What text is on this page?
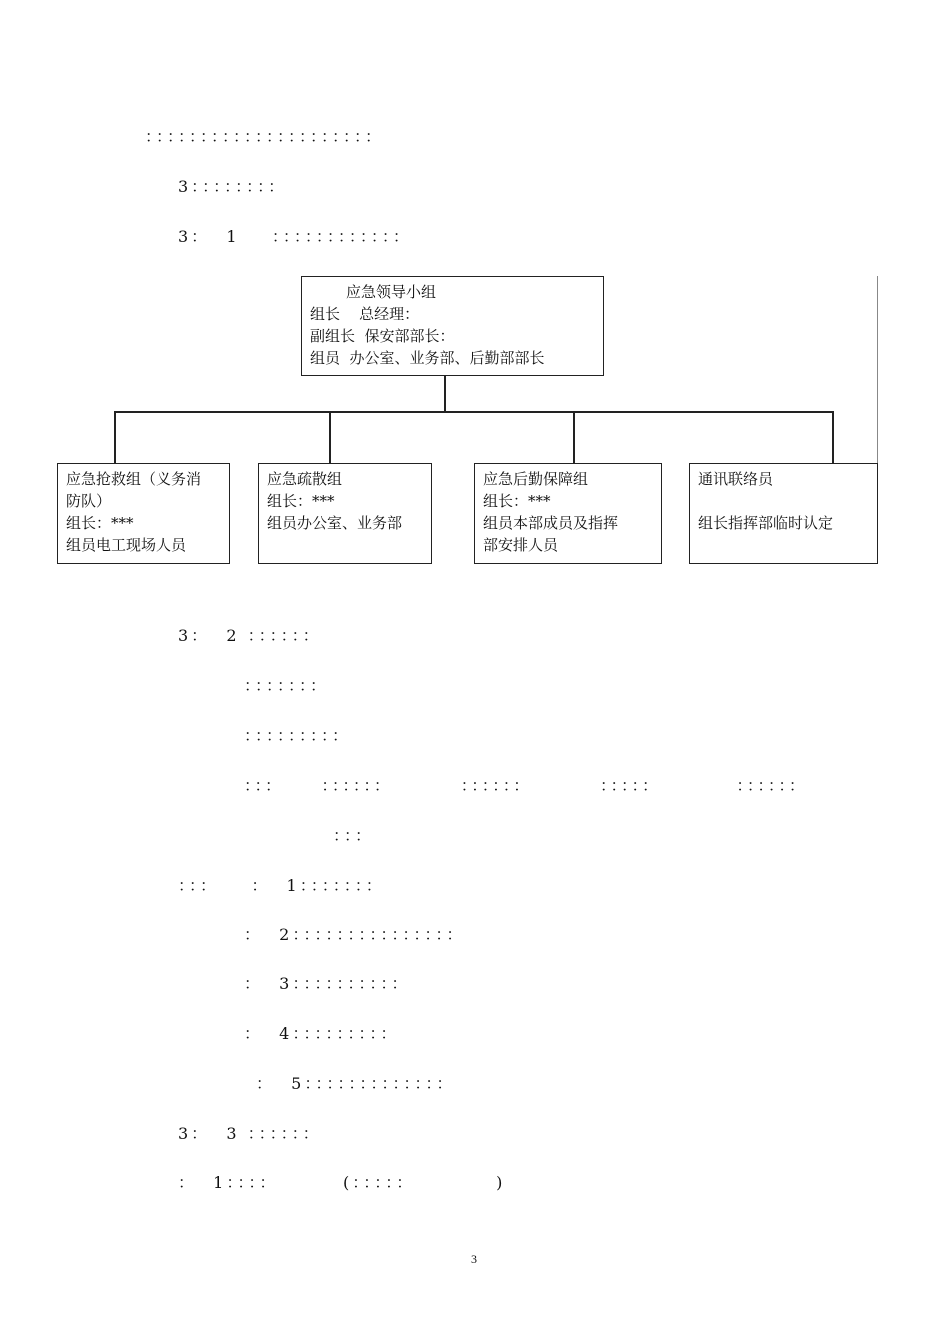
：：：：：：：：：：：：：：：：：：：：：
3：：：：：：：：
3：  1    ：：：：：：：：：：：：
应急领导小组
组长    总经理：
副组长  保安部部长：
组员  办公室、业务部、后勤部部长
应急抢救组（义务消
防队）
组长：***
组员电工现场人员
应急疏散组
组长：***
组员办公室、业务部
应急后勤保障组
组长：***
组员本部成员及指挥
部安排人员
通讯联络员
组长指挥部临时认定
3：  2 ：：：：：：
：：：：：：：
：：：：：：：：：
：：：     ：：：：：：         ：：：：：：         ：：：：：          ：：：：：：
：：：
：：：    ：  1：：：：：：：
：  2：：：：：：：：：：：：：：：
：  3：：：：：：：：：：
：  4：：：：：：：：：
：  5：：：：：：：：：：：：：
3：  3 ：：：：：：
：  1：：：：        (：：：：：          )
3
